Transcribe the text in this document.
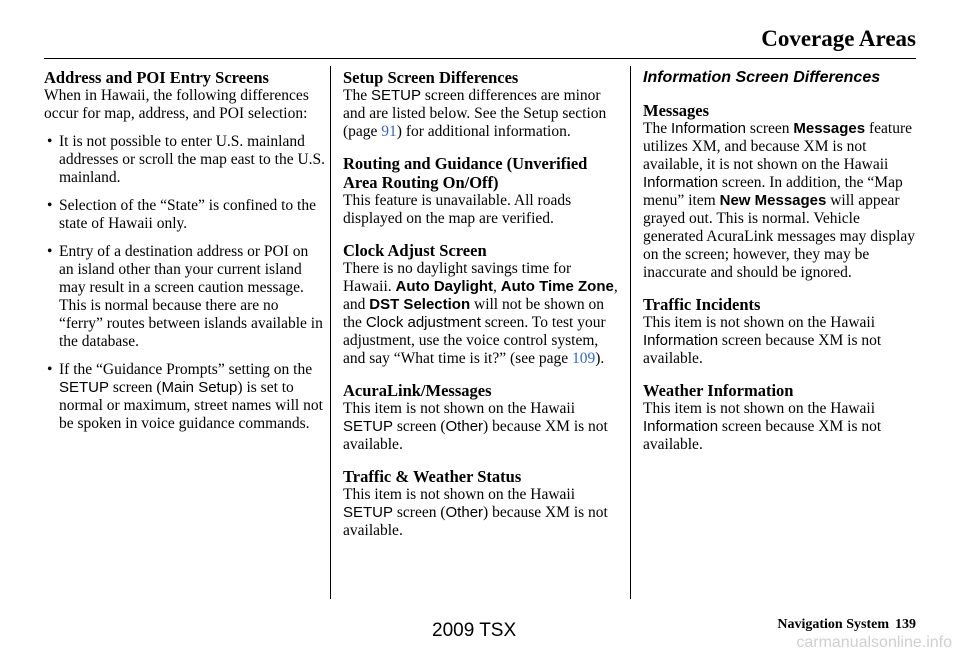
Coverage Areas
Address and POI Entry Screens

When in Hawaii, the following differences occur for map, address, and POI selection:

• It is not possible to enter U.S. mainland addresses or scroll the map east to the U.S. mainland.
• Selection of the “State” is confined to the state of Hawaii only.
• Entry of a destination address or POI on an island other than your current island may result in a screen caution message. This is normal because there are no “ferry” routes between islands available in the database.
• If the “Guidance Prompts” setting on the SETUP screen (Main Setup) is set to normal or maximum, street names will not be spoken in voice guidance commands.
Setup Screen Differences

The SETUP screen differences are minor and are listed below. See the Setup section (page 91) for additional information.

Routing and Guidance (Unverified Area Routing On/Off)

This feature is unavailable. All roads displayed on the map are verified.

Clock Adjust Screen

There is no daylight savings time for Hawaii. Auto Daylight, Auto Time Zone, and DST Selection will not be shown on the Clock adjustment screen. To test your adjustment, use the voice control system, and say “What time is it?” (see page 109).

AcuraLink/Messages

This item is not shown on the Hawaii SETUP screen (Other) because XM is not available.

Traffic & Weather Status

This item is not shown on the Hawaii SETUP screen (Other) because XM is not available.

Information Screen Differences
Messages

The Information screen Messages feature utilizes XM, and because XM is not available, it is not shown on the Hawaii Information screen. In addition, the “Map menu” item New Messages will appear grayed out. This is normal. Vehicle generated AcuraLink messages may display on the screen; however, they may be inaccurate and should be ignored.

Traffic Incidents

This item is not shown on the Hawaii Information screen because XM is not available.

Weather Information

This item is not shown on the Hawaii Information screen because XM is not available.

2009 TSX	Navigation System 139
carmanualsonline.info
